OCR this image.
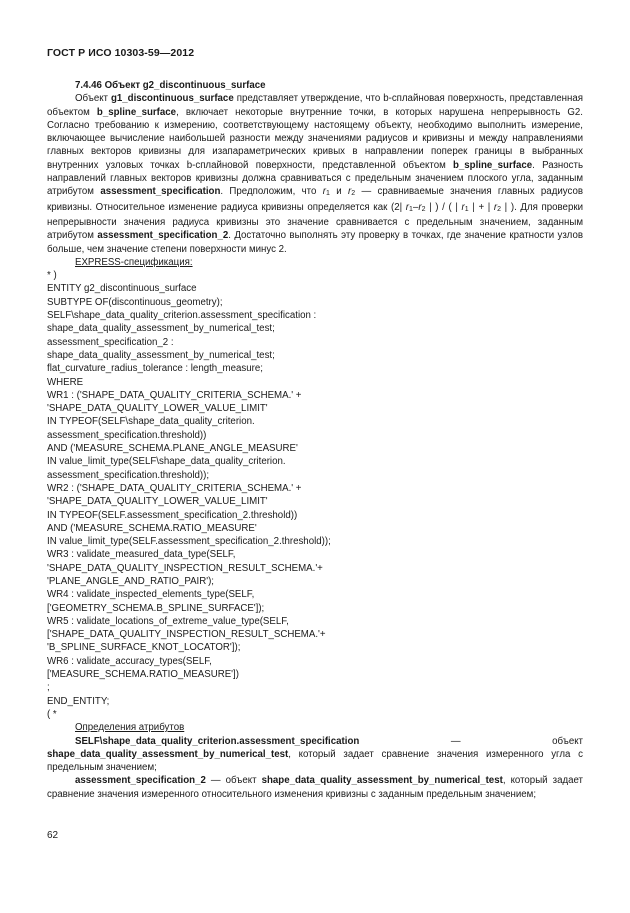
ГОСТ Р ИСО 10303-59—2012

7.4.46 Объект g2_discontinuous_surface

Объект g1_discontinuous_surface представляет утверждение, что b-сплайновая поверхность, представленная объектом b_spline_surface, включает некоторые внутренние точки, в которых нарушена непрерывность G2. Согласно требованию к измерению, соответствующему настоящему объекту, необходимо выполнить измерение, включающее вычисление наибольшей разности между значениями радиусов и кривизны и между направлениями главных векторов кривизны для изапараметрических кривых в направлении поперек границы в выбранных внутренних узловых точках b-сплайновой поверхности, представленной объектом b_spline_surface. Разность направлений главных векторов кривизны должна сравниваться с предельным значением плоского угла, заданным атрибутом assessment_specification. Предположим, что r1 и r2 — сравниваемые значения главных радиусов кривизны. Относительное изменение радиуса кривизны определяется как (2| r1–r2 | ) / ( | r1 | + | r2 | ). Для проверки непрерывности значения радиуса кривизны это значение сравнивается с предельным значением, заданным атрибутом assessment_specification_2. Достаточно выполнять эту проверку в точках, где значение кратности узлов больше, чем значение степени поверхности минус 2.

EXPRESS-спецификация:

* )
ENTITY g2_discontinuous_surface
SUBTYPE OF(discontinuous_geometry);
SELF\shape_data_quality_criterion.assessment_specification :
shape_data_quality_assessment_by_numerical_test;
assessment_specification_2 :
shape_data_quality_assessment_by_numerical_test;
flat_curvature_radius_tolerance : length_measure;
WHERE
WR1 : ('SHAPE_DATA_QUALITY_CRITERIA_SCHEMA.' +
'SHAPE_DATA_QUALITY_LOWER_VALUE_LIMIT'
IN TYPEOF(SELF\shape_data_quality_criterion.
assessment_specification.threshold))
AND ('MEASURE_SCHEMA.PLANE_ANGLE_MEASURE'
IN value_limit_type(SELF\shape_data_quality_criterion.
assessment_specification.threshold));
WR2 : ('SHAPE_DATA_QUALITY_CRITERIA_SCHEMA.' +
'SHAPE_DATA_QUALITY_LOWER_VALUE_LIMIT'
IN TYPEOF(SELF.assessment_specification_2.threshold))
AND ('MEASURE_SCHEMA.RATIO_MEASURE'
IN value_limit_type(SELF.assessment_specification_2.threshold));
WR3 : validate_measured_data_type(SELF,
'SHAPE_DATA_QUALITY_INSPECTION_RESULT_SCHEMA.'+
'PLANE_ANGLE_AND_RATIO_PAIR');
WR4 : validate_inspected_elements_type(SELF,
['GEOMETRY_SCHEMA.B_SPLINE_SURFACE']);
WR5 : validate_locations_of_extreme_value_type(SELF,
['SHAPE_DATA_QUALITY_INSPECTION_RESULT_SCHEMA.'+
'B_SPLINE_SURFACE_KNOT_LOCATOR']);
WR6 : validate_accuracy_types(SELF,
['MEASURE_SCHEMA.RATIO_MEASURE'])
;
END_ENTITY;
( *

Определения атрибутов

SELF\shape_data_quality_criterion.assessment_specification — объект shape_data_quality_assessment_by_numerical_test, который задает сравнение значения измеренного угла с предельным значением;

assessment_specification_2 — объект shape_data_quality_assessment_by_numerical_test, который задает сравнение значения измеренного относительного изменения кривизны с заданным предельным значением;

62
